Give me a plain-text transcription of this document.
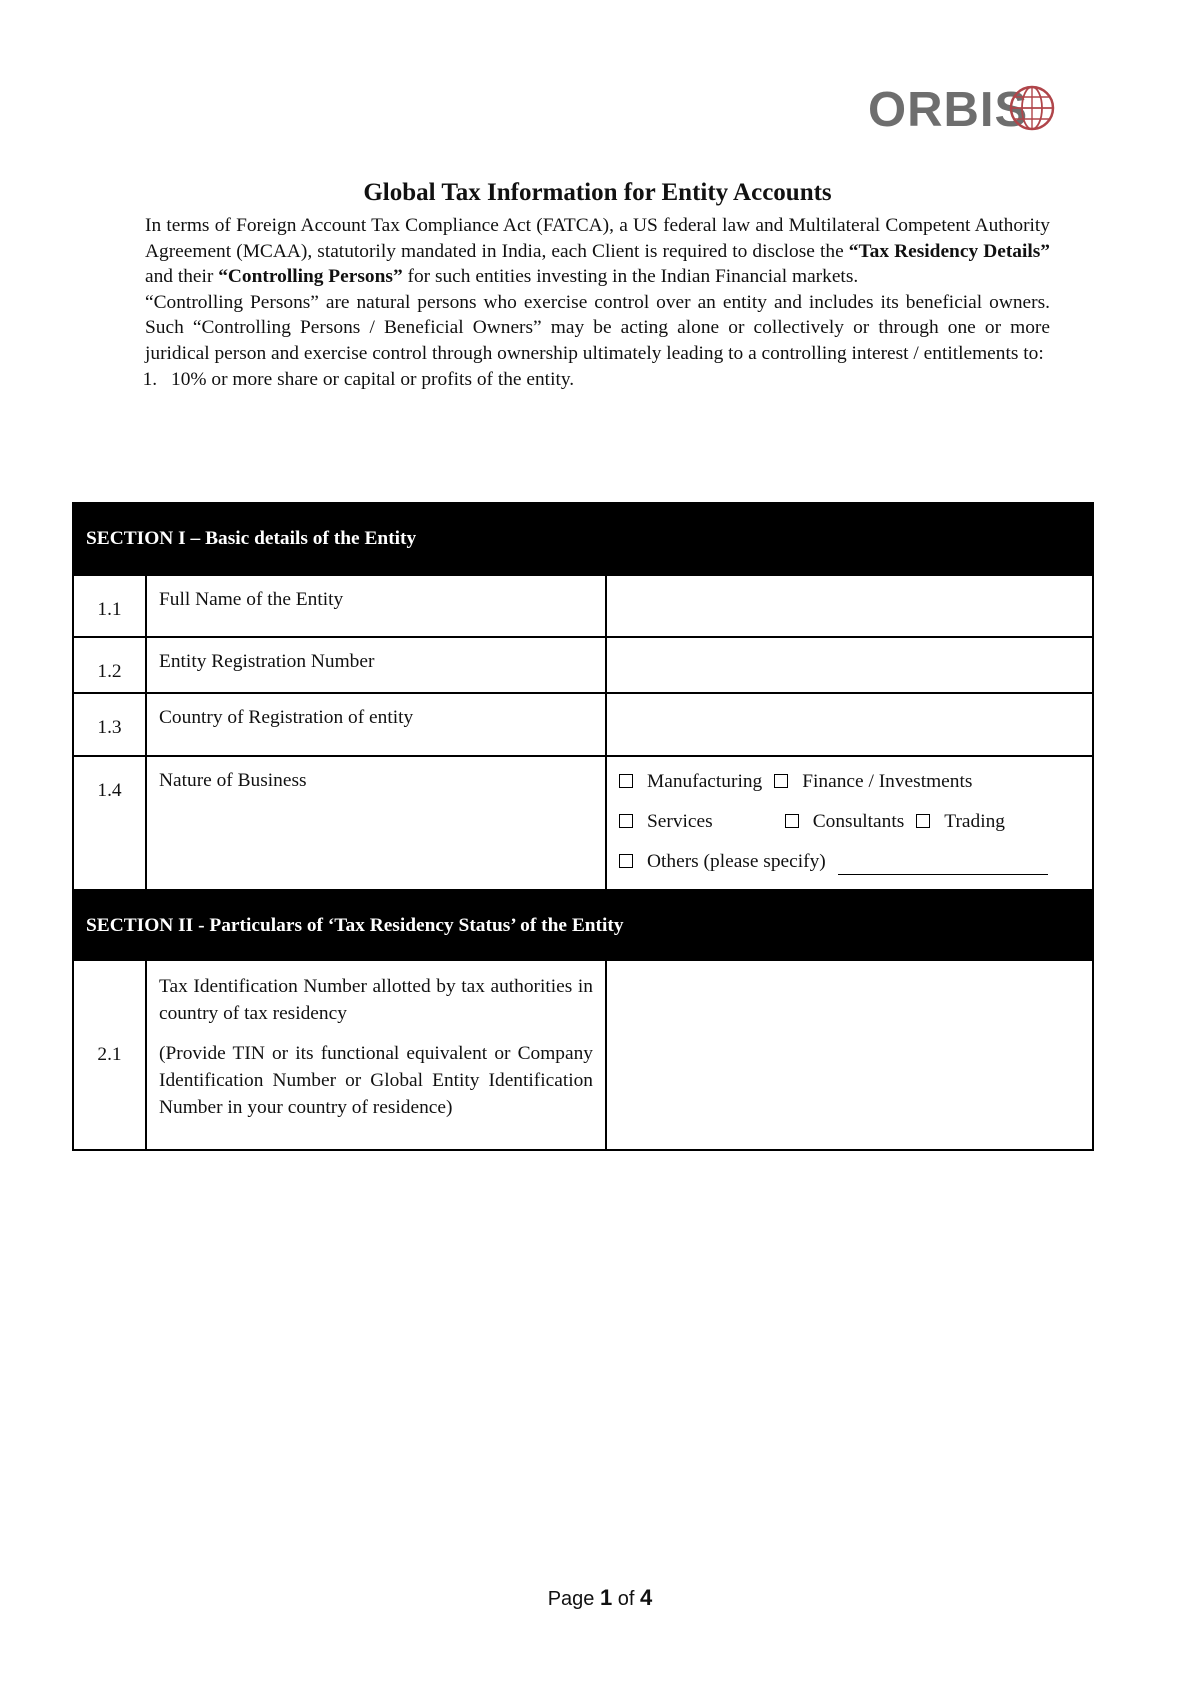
ORBIS
Global Tax Information for Entity Accounts

In terms of Foreign Account Tax Compliance Act (FATCA), a US federal law and Multilateral Competent Authority Agreement (MCAA), statutorily mandated in India, each Client is required to disclose the “Tax Residency Details” and their “Controlling Persons” for such entities investing in the Indian Financial markets.

“Controlling Persons” are natural persons who exercise control over an entity and includes its beneficial owners. Such “Controlling Persons / Beneficial Owners” may be acting alone or collectively or through one or more juridical person and exercise control through ownership ultimately leading to a controlling interest / entitlements to:

1. 10% or more share or capital or profits of the entity.
SECTION I – Basic details of the Entity		
1.1	Full Name of the Entity	
1.2	Entity Registration Number	
1.3	Country of Registration of entity	
1.4	Nature of Business	Manufacturing Finance / Investments
Services Consultants Trading
Others (please specify)

SECTION II - Particulars of ‘Tax Residency Status’ of the Entity		
2.1	Tax Identification Number allotted by tax authorities in country of tax residency

(Provide TIN or its functional equivalent or Company Identification Number or Global Entity Identification Number in your country of residence)	

Page 1 of 4
